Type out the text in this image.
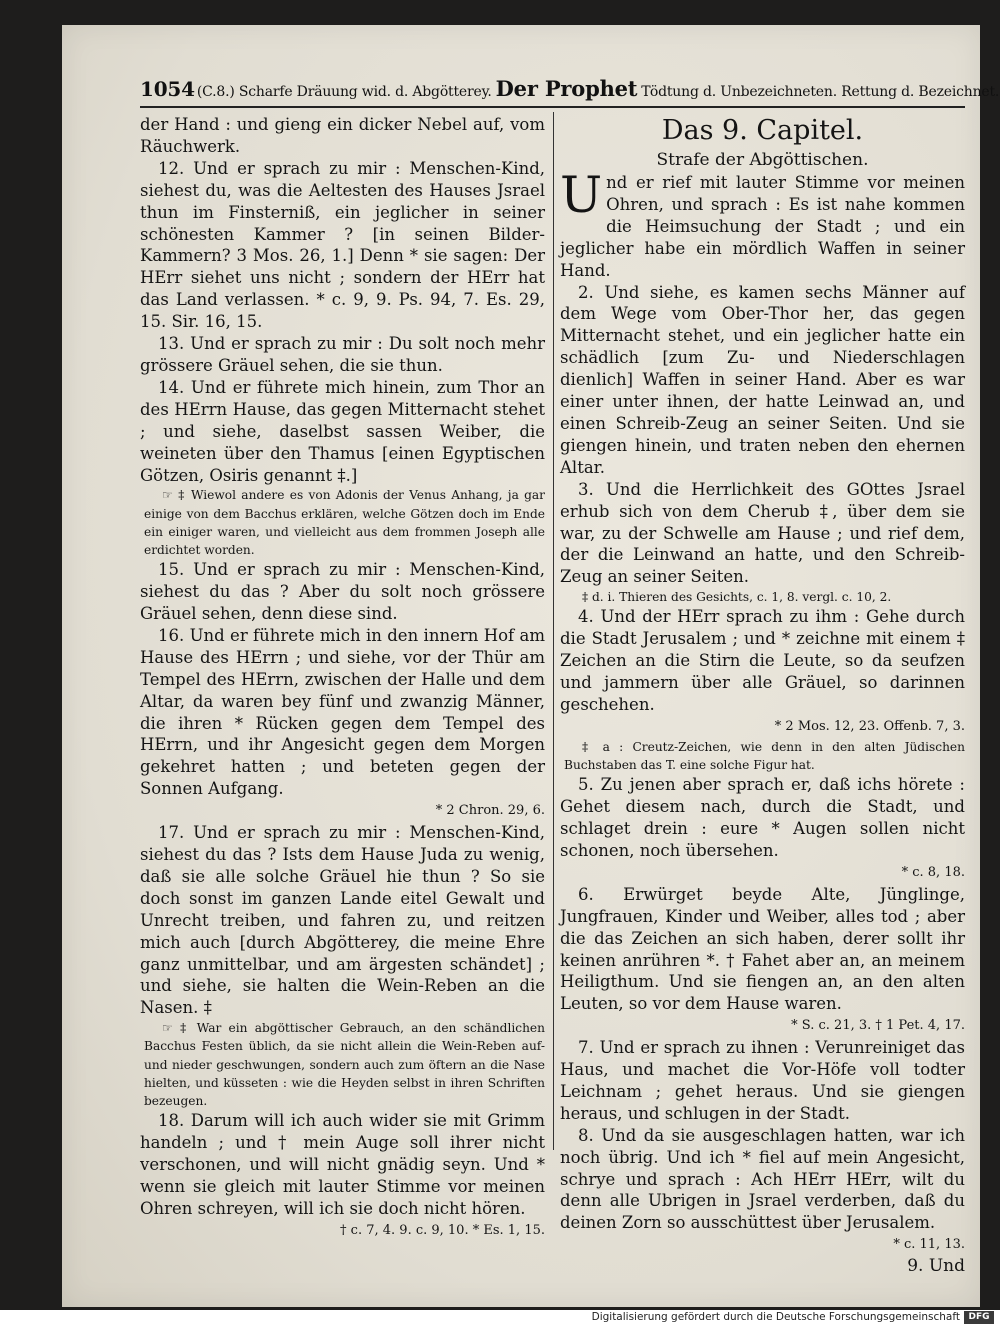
1054 (C.8.) Scharfe Dräuung wid. d. Abgötterey. Der Prophet Tödtung d. Unbezeichneten. Rettung d. Bezeichnet.

der Hand : und gieng ein dicker Nebel auf, vom Räuchwerk.

12. Und er sprach zu mir : Menschen-Kind, siehest du, was die Aeltesten des Hauses Jsrael thun im Finsterniß, ein jeglicher in seiner schönesten Kammer ? [in seinen Bilder-Kammern? 3 Mos. 26, 1.] Denn * sie sagen: Der HErr siehet uns nicht ; sondern der HErr hat das Land verlassen. * c. 9, 9. Ps. 94, 7. Es. 29, 15. Sir. 16, 15.

13. Und er sprach zu mir : Du solt noch mehr grössere Gräuel sehen, die sie thun.

14. Und er führete mich hinein, zum Thor an des HErrn Hause, das gegen Mitternacht stehet ; und siehe, daselbst sassen Weiber, die weineten über den Thamus [einen Egyptischen Götzen, Osiris genannt ‡.]

☞ ‡ Wiewol andere es von Adonis der Venus Anhang, ja gar einige von dem Bacchus erklären, welche Götzen doch im Ende ein einiger waren, und vielleicht aus dem frommen Joseph alle erdichtet worden.

15. Und er sprach zu mir : Menschen-Kind, siehest du das ? Aber du solt noch grössere Gräuel sehen, denn diese sind.

16. Und er führete mich in den innern Hof am Hause des HErrn ; und siehe, vor der Thür am Tempel des HErrn, zwischen der Halle und dem Altar, da waren bey fünf und zwanzig Männer, die ihren * Rücken gegen dem Tempel des HErrn, und ihr Angesicht gegen dem Morgen gekehret hatten ; und beteten gegen der Sonnen Aufgang.

* 2 Chron. 29, 6.

17. Und er sprach zu mir : Menschen-Kind, siehest du das ? Ists dem Hause Juda zu wenig, daß sie alle solche Gräuel hie thun ? So sie doch sonst im ganzen Lande eitel Gewalt und Unrecht treiben, und fahren zu, und reitzen mich auch [durch Abgötterey, die meine Ehre ganz unmittelbar, und am ärgesten schändet] ; und siehe, sie halten die Wein-Reben an die Nasen. ‡

☞ ‡ War ein abgöttischer Gebrauch, an den schändlichen Bacchus Festen üblich, da sie nicht allein die Wein-Reben auf- und nieder geschwungen, sondern auch zum öftern an die Nase hielten, und küsseten : wie die Heyden selbst in ihren Schriften bezeugen.

18. Darum will ich auch wider sie mit Grimm handeln ; und † mein Auge soll ihrer nicht verschonen, und will nicht gnädig seyn. Und * wenn sie gleich mit lauter Stimme vor meinen Ohren schreyen, will ich sie doch nicht hören.

† c. 7, 4. 9. c. 9, 10. * Es. 1, 15.

Das 9. Capitel.

Strafe der Abgöttischen.

Und er rief mit lauter Stimme vor meinen Ohren, und sprach : Es ist nahe kommen die Heimsuchung der Stadt ; und ein jeglicher habe ein mördlich Waffen in seiner Hand.

2. Und siehe, es kamen sechs Männer auf dem Wege vom Ober-Thor her, das gegen Mitternacht stehet, und ein jeglicher hatte ein schädlich [zum Zu- und Niederschlagen dienlich] Waffen in seiner Hand. Aber es war einer unter ihnen, der hatte Leinwad an, und einen Schreib-Zeug an seiner Seiten. Und sie giengen hinein, und traten neben den ehernen Altar.

3. Und die Herrlichkeit des GOttes Jsrael erhub sich von dem Cherub ‡, über dem sie war, zu der Schwelle am Hause ; und rief dem, der die Leinwand an hatte, und den Schreib-Zeug an seiner Seiten.

‡ d. i. Thieren des Gesichts, c. 1, 8. vergl. c. 10, 2.

4. Und der HErr sprach zu ihm : Gehe durch die Stadt Jerusalem ; und * zeichne mit einem ‡ Zeichen an die Stirn die Leute, so da seufzen und jammern über alle Gräuel, so darinnen geschehen.

* 2 Mos. 12, 23. Offenb. 7, 3.

‡ a : Creutz-Zeichen, wie denn in den alten Jüdischen Buchstaben das T. eine solche Figur hat.

5. Zu jenen aber sprach er, daß ichs hörete : Gehet diesem nach, durch die Stadt, und schlaget drein : eure * Augen sollen nicht schonen, noch übersehen.

* c. 8, 18.

6. Erwürget beyde Alte, Jünglinge, Jungfrauen, Kinder und Weiber, alles tod ; aber die das Zeichen an sich haben, derer sollt ihr keinen anrühren *. † Fahet aber an, an meinem Heiligthum. Und sie fiengen an, an den alten Leuten, so vor dem Hause waren.

* S. c. 21, 3. † 1 Pet. 4, 17.

7. Und er sprach zu ihnen : Verunreiniget das Haus, und machet die Vor-Höfe voll todter Leichnam ; gehet heraus. Und sie giengen heraus, und schlugen in der Stadt.

8. Und da sie ausgeschlagen hatten, war ich noch übrig. Und ich * fiel auf mein Angesicht, schrye und sprach : Ach HErr HErr, wilt du denn alle Ubrigen in Jsrael verderben, daß du deinen Zorn so ausschüttest über Jerusalem.

* c. 11, 13.

9. Und

Digitalisierung gefördert durch die Deutsche Forschungsgemeinschaft DFG
